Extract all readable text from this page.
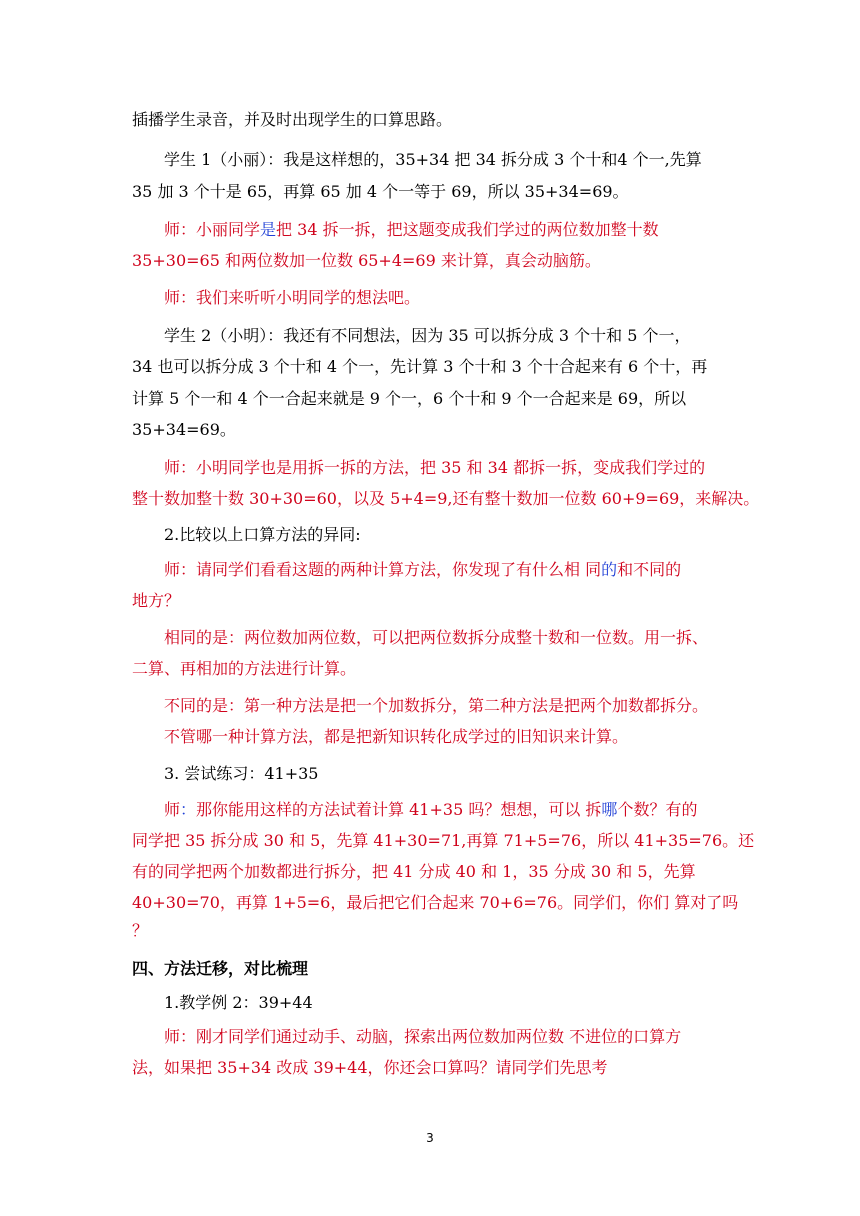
插播学生录音，并及时出现学生的口算思路。
学生 1（小丽）：我是这样想的，35+34 把 34 拆分成 3 个十和4 个一,先算
35 加 3 个十是 65，再算 65 加 4 个一等于 69，所以 35+34=69。
师：小丽同学是把 34 拆一拆，把这题变成我们学过的两位数加整十数
35+30=65 和两位数加一位数 65+4=69 来计算，真会动脑筋。
师：我们来听听小明同学的想法吧。
学生 2（小明）：我还有不同想法，因为 35 可以拆分成 3 个十和 5 个一，
34 也可以拆分成 3 个十和 4 个一，先计算 3 个十和 3 个十合起来有 6 个十，再
计算 5 个一和 4 个一合起来就是 9 个一，6 个十和 9 个一合起来是 69，所以
35+34=69。
师：小明同学也是用拆一拆的方法，把 35 和 34 都拆一拆，变成我们学过的
整十数加整十数 30+30=60，以及 5+4=9,还有整十数加一位数 60+9=69，来解决。
2.比较以上口算方法的异同:
师：请同学们看看这题的两种计算方法，你发现了有什么相 同的和不同的
地方？
相同的是：两位数加两位数，可以把两位数拆分成整十数和一位数。用一拆、
二算、再相加的方法进行计算。
不同的是：第一种方法是把一个加数拆分，第二种方法是把两个加数都拆分。
不管哪一种计算方法，都是把新知识转化成学过的旧知识来计算。
3. 尝试练习：41+35
师：那你能用这样的方法试着计算 41+35 吗？想想，可以 拆哪个数？有的
同学把 35 拆分成 30 和 5，先算 41+30=71,再算 71+5=76，所以 41+35=76。还
有的同学把两个加数都进行拆分，把 41 分成 40 和 1，35 分成 30 和 5，先算
40+30=70，再算 1+5=6，最后把它们合起来 70+6=76。同学们，你们 算对了吗
？
四、方法迁移，对比梳理
1.教学例 2：39+44
师：刚才同学们通过动手、动脑，探索出两位数加两位数 不进位的口算方
法，如果把 35+34 改成 39+44，你还会口算吗？请同学们先思考
3
